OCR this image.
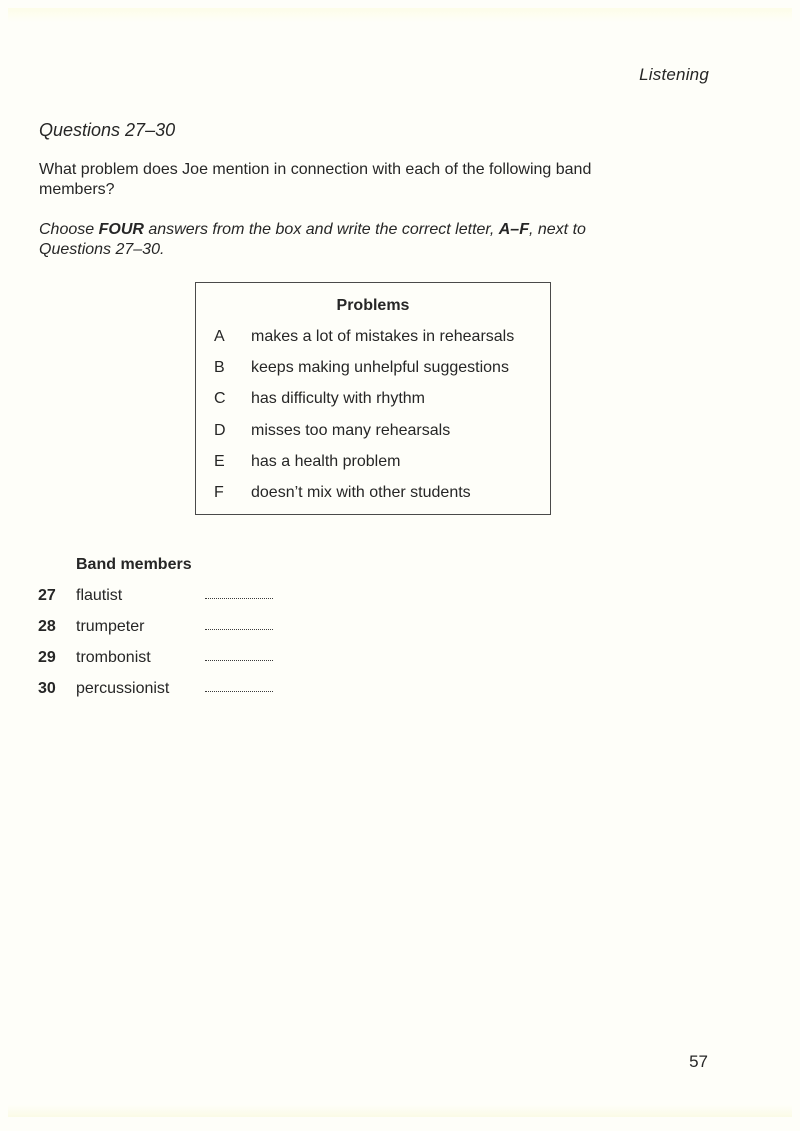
Listening
Questions 27–30
What problem does Joe mention in connection with each of the following band members?
Choose FOUR answers from the box and write the correct letter, A–F, next to Questions 27–30.
Problems
A makes a lot of mistakes in rehearsals
B keeps making unhelpful suggestions
C has difficulty with rhythm
D misses too many rehearsals
E has a health problem
F doesn’t mix with other students
Band members
27 flautist
28 trumpeter
29 trombonist
30 percussionist
57
